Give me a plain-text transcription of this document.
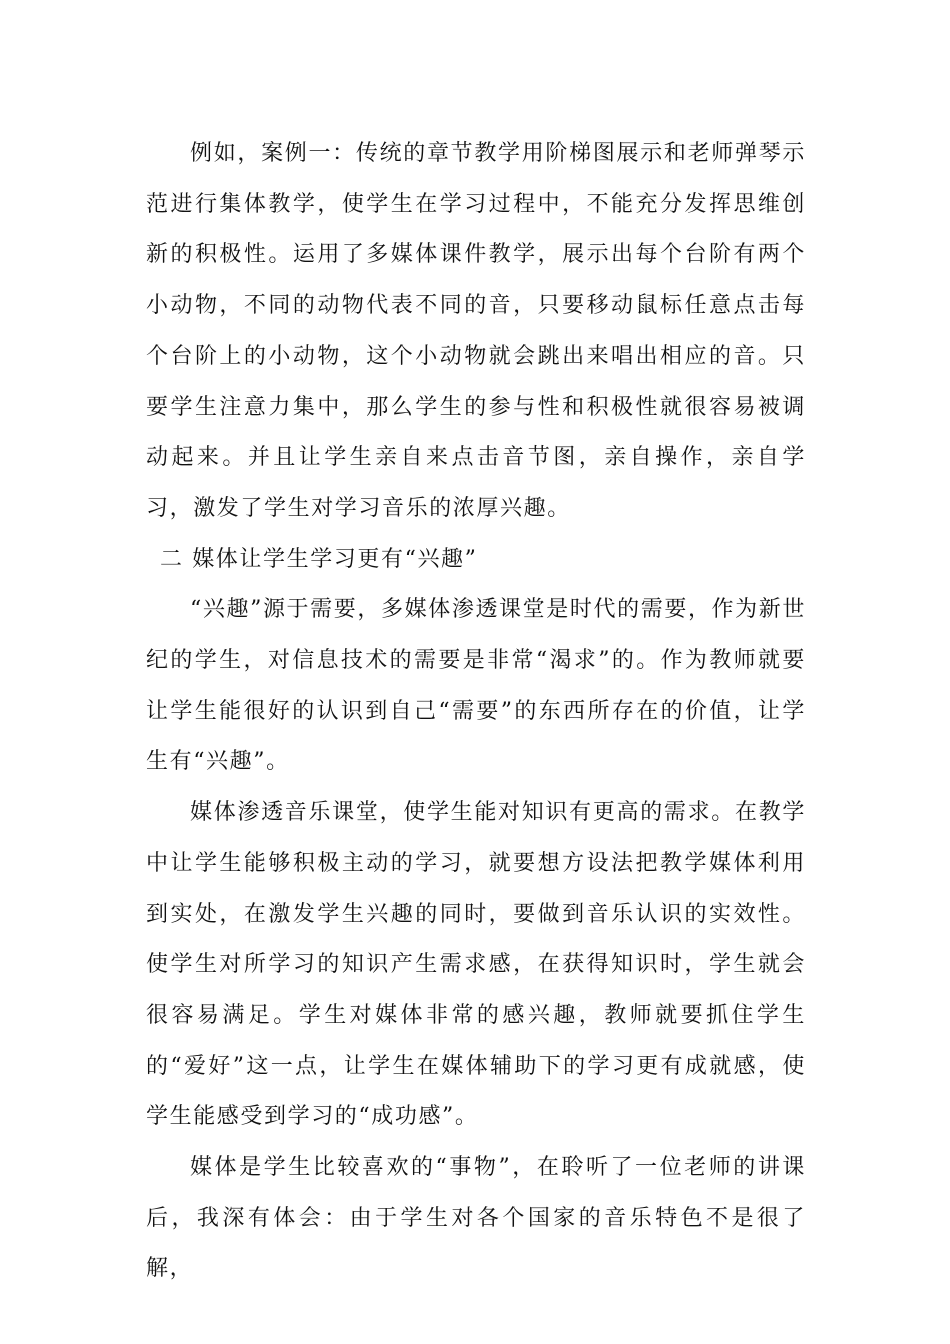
例如，案例一：传统的章节教学用阶梯图展示和老师弹琴示范进行集体教学，使学生在学习过程中，不能充分发挥思维创新的积极性。运用了多媒体课件教学，展示出每个台阶有两个小动物，不同的动物代表不同的音，只要移动鼠标任意点击每个台阶上的小动物，这个小动物就会跳出来唱出相应的音。只要学生注意力集中，那么学生的参与性和积极性就很容易被调动起来。并且让学生亲自来点击音节图，亲自操作，亲自学习，激发了学生对学习音乐的浓厚兴趣。

二 媒体让学生学习更有“兴趣”

“兴趣”源于需要，多媒体渗透课堂是时代的需要，作为新世纪的学生，对信息技术的需要是非常“渴求”的。作为教师就要让学生能很好的认识到自己“需要”的东西所存在的价值，让学生有“兴趣”。

媒体渗透音乐课堂，使学生能对知识有更高的需求。在教学中让学生能够积极主动的学习，就要想方设法把教学媒体利用到实处，在激发学生兴趣的同时，要做到音乐认识的实效性。使学生对所学习的知识产生需求感，在获得知识时，学生就会很容易满足。学生对媒体非常的感兴趣，教师就要抓住学生的“爱好”这一点，让学生在媒体辅助下的学习更有成就感，使学生能感受到学习的“成功感”。

媒体是学生比较喜欢的“事物”，在聆听了一位老师的讲课后，我深有体会：由于学生对各个国家的音乐特色不是很了解，
